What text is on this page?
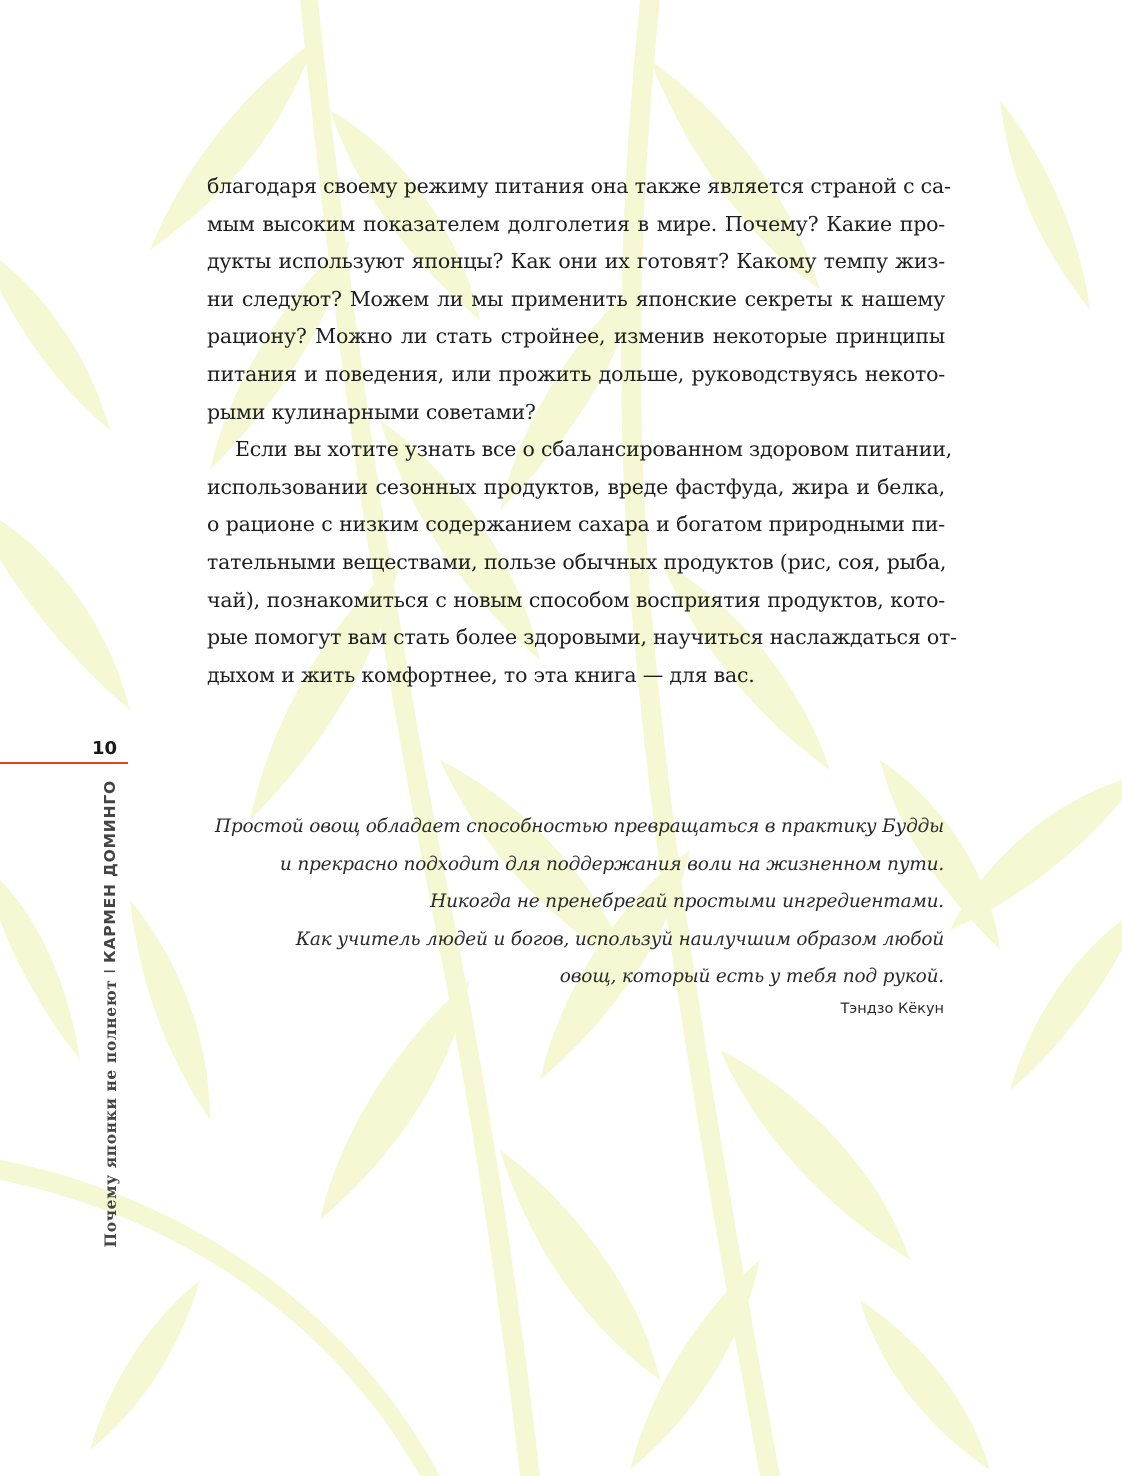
благодаря своему режиму питания она также является страной с са-
мым высоким показателем долголетия в мире. Почему? Какие про-
дукты используют японцы? Как они их готовят? Какому темпу жиз-
ни следуют? Можем ли мы применить японские секреты к нашему
рациону? Можно ли стать стройнее, изменив некоторые принципы
питания и поведения, или прожить дольше, руководствуясь некото-
рыми кулинарными советами?
Если вы хотите узнать все о сбалансированном здоровом питании,
использовании сезонных продуктов, вреде фастфуда, жира и белка,
о рационе с низким содержанием сахара и богатом природными пи-
тательными веществами, пользе обычных продуктов (рис, соя, рыба,
чай), познакомиться с новым способом восприятия продуктов, кото-
рые помогут вам стать более здоровыми, научиться наслаждаться от-
дыхом и жить комфортнее, то эта книга — для вас.
10
Почему японки не полнеют
I
КАРМЕН ДОМИНГО	Простой овощ обладает способностью превращаться в практику Будды
и прекрасно подходит для поддержания воли на жизненном пути.
Никогда не пренебрегай простыми ингредиентами.
Как учитель людей и богов, используй наилучшим образом любой
овощ, который есть у тебя под рукой.
Тэндзо Кёкун
